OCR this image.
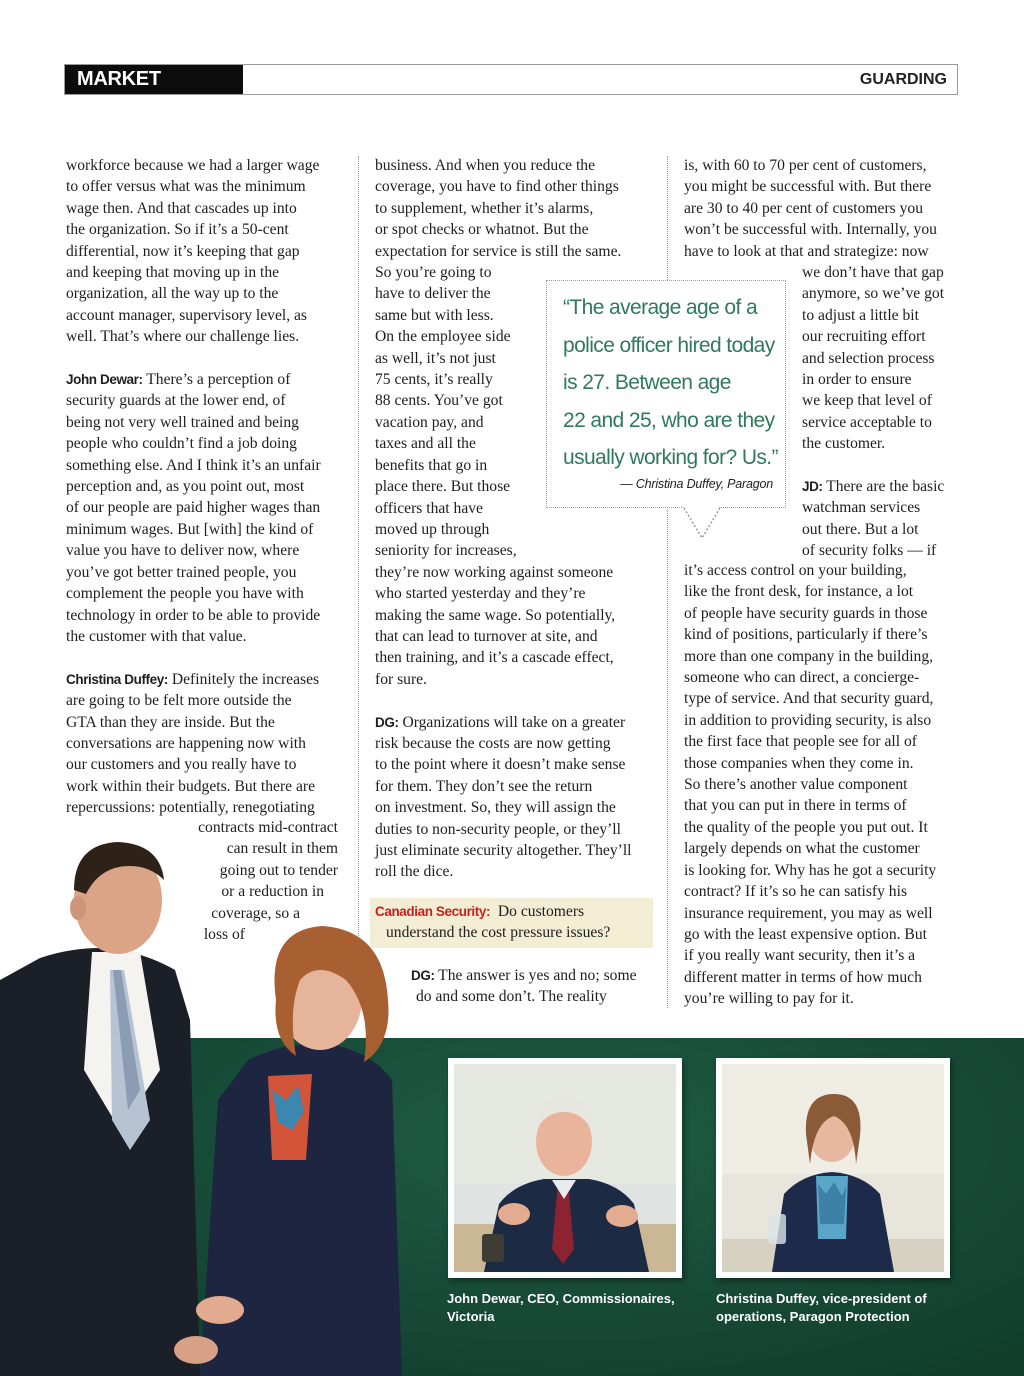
MARKET TRENDS
GUARDING

workforce because we had a larger wage

to offer versus what was the minimum

wage then. And that cascades up into

the organization. So if it’s a 50-cent

differential, now it’s keeping that gap

and keeping that moving up in the

organization, all the way up to the

account manager, supervisory level, as

well. That’s where our challenge lies.

John Dewar: There’s a perception of

security guards at the lower end, of

being not very well trained and being

people who couldn’t find a job doing

something else. And I think it’s an unfair

perception and, as you point out, most

of our people are paid higher wages than

minimum wages. But [with] the kind of

value you have to deliver now, where

you’ve got better trained people, you

complement the people you have with

technology in order to be able to provide

the customer with that value.

Christina Duffey: Definitely the increases

are going to be felt more outside the

GTA than they are inside. But the

conversations are happening now with

our customers and you really have to

work within their budgets. But there are

repercussions: potentially, renegotiating

contracts mid-contract

can result in them

going out to tender

or a reduction in

coverage, so a

loss of

business. And when you reduce the

coverage, you have to find other things

to supplement, whether it’s alarms,

or spot checks or whatnot. But the

expectation for service is still the same.

So you’re going to

have to deliver the

same but with less.

On the employee side

as well, it’s not just

75 cents, it’s really

88 cents. You’ve got

vacation pay, and

taxes and all the

benefits that go in

place there. But those

officers that have

moved up through

seniority for increases,

they’re now working against someone

who started yesterday and they’re

making the same wage. So potentially,

that can lead to turnover at site, and

then training, and it’s a cascade effect,

for sure.

DG: Organizations will take on a greater

risk because the costs are now getting

to the point where it doesn’t make sense

for them. They don’t see the return

on investment. So, they will assign the

duties to non-security people, or they’ll

just eliminate security altogether. They’ll

roll the dice.

Canadian Security: Do customers

understand the cost pressure issues?

DG: The answer is yes and no; some

do and some don’t. The reality

“The average age of a
police officer hired today
is 27. Between age
22 and 25, who are they
usually working for? Us.”
— Christina Duffey, Paragon

is, with 60 to 70 per cent of customers,

you might be successful with. But there

are 30 to 40 per cent of customers you

won’t be successful with. Internally, you

have to look at that and strategize: now

we don’t have that gap

anymore, so we’ve got

to adjust a little bit

our recruiting effort

and selection process

in order to ensure

we keep that level of

service acceptable to

the customer.

JD: There are the basic

watchman services

out there. But a lot

of security folks — if

it’s access control on your building,

like the front desk, for instance, a lot

of people have security guards in those

kind of positions, particularly if there’s

more than one company in the building,

someone who can direct, a concierge-

type of service. And that security guard,

in addition to providing security, is also

the first face that people see for all of

those companies when they come in.

So there’s another value component

that you can put in there in terms of

the quality of the people you put out. It

largely depends on what the customer

is looking for. Why has he got a security

contract? If it’s so he can satisfy his

insurance requirement, you may as well

go with the least expensive option. But

if you really want security, then it’s a

different matter in terms of how much

you’re willing to pay for it.

John Dewar, CEO, Commissionaires,
Victoria
Christina Duffey, vice-president of
operations, Paragon Protection
